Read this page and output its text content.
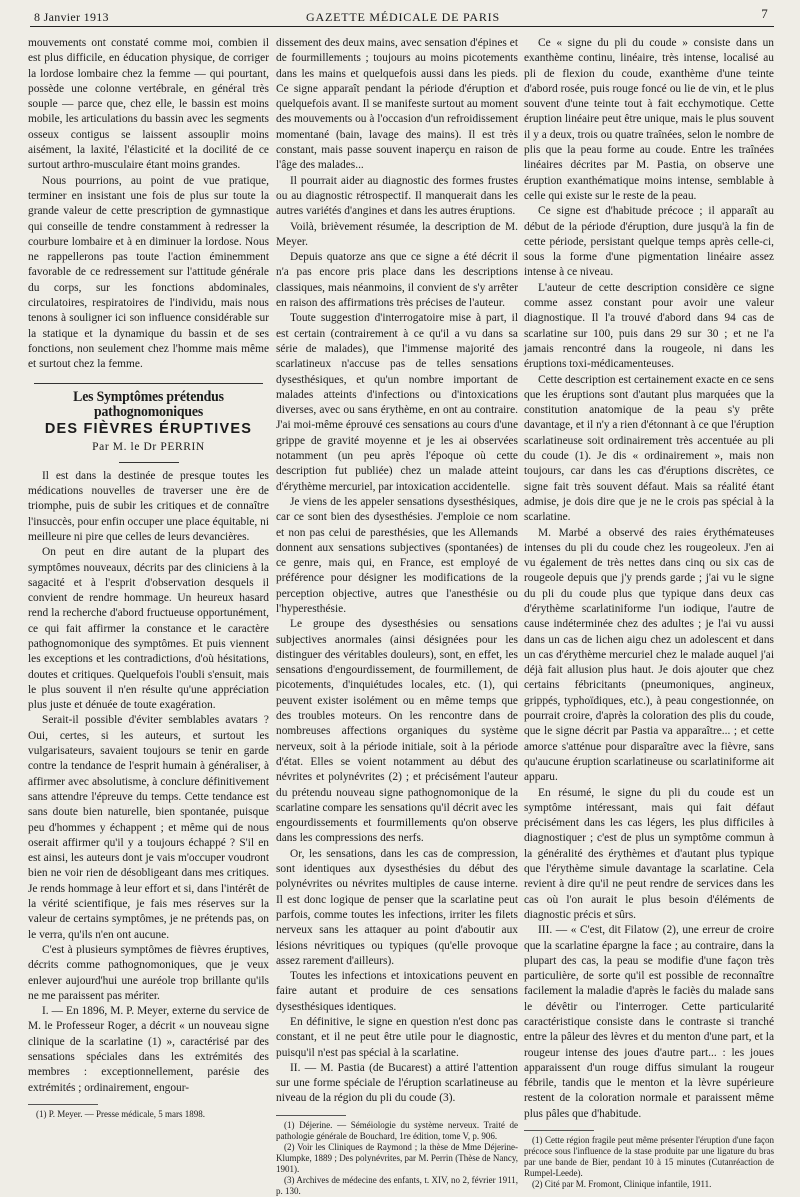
8 Janvier 1913	GAZETTE MÉDICALE DE PARIS	7

mouvements ont constaté comme moi, combien il est plus difficile, en éducation physique, de corriger la lordose lombaire chez la femme — qui pourtant, possède une colonne vertébrale, en général très souple — parce que, chez elle, le bassin est moins mobile, les articulations du bassin avec les segments osseux contigus se laissent assouplir moins aisément, la laxité, l'élasticité et la docilité de ce surtout arthro-musculaire étant moins grandes.

Nous pourrions, au point de vue pratique, terminer en insistant une fois de plus sur toute la grande valeur de cette prescription de gymnastique qui conseille de tendre constamment à redresser la courbure lombaire et à en diminuer la lordose. Nous ne rappellerons pas toute l'action éminemment favorable de ce redressement sur l'attitude générale du corps, sur les fonctions abdominales, circulatoires, respiratoires de l'individu, mais nous tenons à souligner ici son influence considérable sur la statique et la dynamique du bassin et de ses fonctions, non seulement chez l'homme mais même et surtout chez la femme.

Les Symptômes prétendus pathognomoniques
DES FIÈVRES ÉRUPTIVES
Par M. le Dr PERRIN

Il est dans la destinée de presque toutes les médications nouvelles de traverser une ère de triomphe, puis de subir les critiques et de connaître l'insuccès, pour enfin occuper une place équitable, ni meilleure ni pire que celles de leurs devancières.

On peut en dire autant de la plupart des symptômes nouveaux, décrits par des cliniciens à la sagacité et à l'esprit d'observation desquels il convient de rendre hommage. Un heureux hasard rend la recherche d'abord fructueuse opportunément, ce qui fait affirmer la constance et le caractère pathognomonique des symptômes. Et puis viennent les exceptions et les contradictions, d'où hésitations, doutes et critiques. Quelquefois l'oubli s'ensuit, mais le plus souvent il n'en résulte qu'une appréciation plus juste et dénuée de toute exagération.

Serait-il possible d'éviter semblables avatars ? Oui, certes, si les auteurs, et surtout les vulgarisateurs, savaient toujours se tenir en garde contre la tendance de l'esprit humain à généraliser, à affirmer avec absolutisme, à conclure définitivement sans attendre l'épreuve du temps. Cette tendance est sans doute bien naturelle, bien spontanée, puisque peu d'hommes y échappent ; et même qui de nous oserait affirmer qu'il y a toujours échappé ? S'il en est ainsi, les auteurs dont je vais m'occuper voudront bien ne voir rien de désobligeant dans mes critiques. Je rends hommage à leur effort et si, dans l'intérêt de la vérité scientifique, je fais mes réserves sur la valeur de certains symptômes, je ne prétends pas, on le verra, qu'ils n'en ont aucune.

C'est à plusieurs symptômes de fièvres éruptives, décrits comme pathognomoniques, que je veux enlever aujourd'hui une auréole trop brillante qu'ils ne me paraissent pas mériter.

I. — En 1896, M. P. Meyer, externe du service de M. le Professeur Roger, a décrit « un nouveau signe clinique de la scarlatine (1) », caractérisé par des sensations spéciales dans les extrémités des membres : exceptionnellement, parésie des extrémités ; ordinairement, engour-

(1) P. Meyer. — Presse médicale, 5 mars 1898.

dissement des deux mains, avec sensation d'épines et de fourmillements ; toujours au moins picotements dans les mains et quelquefois aussi dans les pieds. Ce signe apparaît pendant la période d'éruption et quelquefois avant. Il se manifeste surtout au moment des mouvements ou à l'occasion d'un refroidissement momentané (bain, lavage des mains). Il est très constant, mais passe souvent inaperçu en raison de l'âge des malades...

Il pourrait aider au diagnostic des formes frustes ou au diagnostic rétrospectif. Il manquerait dans les autres variétés d'angines et dans les autres éruptions.

Voilà, brièvement résumée, la description de M. Meyer.

Depuis quatorze ans que ce signe a été décrit il n'a pas encore pris place dans les descriptions classiques, mais néanmoins, il convient de s'y arrêter en raison des affirmations très précises de l'auteur.

Toute suggestion d'interrogatoire mise à part, il est certain (contrairement à ce qu'il a vu dans sa série de malades), que l'immense majorité des scarlatineux n'accuse pas de telles sensations dysesthésiques, et qu'un nombre important de malades atteints d'infections ou d'intoxications diverses, avec ou sans érythème, en ont au contraire. J'ai moi-même éprouvé ces sensations au cours d'une grippe de gravité moyenne et je les ai observées notamment (un peu après l'époque où cette description fut publiée) chez un malade atteint d'érythème mercuriel, par intoxication accidentelle.

Je viens de les appeler sensations dysesthésiques, car ce sont bien des dysesthésies. J'emploie ce nom et non pas celui de paresthésies, que les Allemands donnent aux sensations subjectives (spontanées) de ce genre, mais qui, en France, est employé de préférence pour désigner les modifications de la perception objective, autres que l'anesthésie ou l'hyperesthésie.

Le groupe des dysesthésies ou sensations subjectives anormales (ainsi désignées pour les distinguer des véritables douleurs), sont, en effet, les sensations d'engourdissement, de fourmillement, de picotements, d'inquiétudes locales, etc. (1), qui peuvent exister isolément ou en même temps que des troubles moteurs. On les rencontre dans de nombreuses affections organiques du système nerveux, soit à la période initiale, soit à la période d'état. Elles se voient notamment au début des névrites et polynévrites (2) ; et précisément l'auteur du prétendu nouveau signe pathognomonique de la scarlatine compare les sensations qu'il décrit avec les engourdissements et fourmillements qu'on observe dans les compressions des nerfs.

Or, les sensations, dans les cas de compression, sont identiques aux dysesthésies du début des polynévrites ou névrites multiples de cause interne. Il est donc logique de penser que la scarlatine peut parfois, comme toutes les infections, irriter les filets nerveux sans les attaquer au point d'aboutir aux lésions névritiques ou typiques (qu'elle provoque assez rarement d'ailleurs).

Toutes les infections et intoxications peuvent en faire autant et produire de ces sensations dysesthésiques identiques.

En définitive, le signe en question n'est donc pas constant, et il ne peut être utile pour le diagnostic, puisqu'il n'est pas spécial à la scarlatine.

II. — M. Pastia (de Bucarest) a attiré l'attention sur une forme spéciale de l'éruption scarlatineuse au niveau de la région du pli du coude (3).

(1) Déjerine. — Séméiologie du système nerveux. Traité de pathologie générale de Bouchard, 1re édition, tome V, p. 906.

(2) Voir les Cliniques de Raymond ; la thèse de Mme Déjerine-Klumpke, 1889 ; Des polynévrites, par M. Perrin (Thèse de Nancy, 1901).

(3) Archives de médecine des enfants, t. XIV, no 2, février 1911, p. 130.

Ce « signe du pli du coude » consiste dans un exanthème continu, linéaire, très intense, localisé au pli de flexion du coude, exanthème d'une teinte d'abord rosée, puis rouge foncé ou lie de vin, et le plus souvent d'une teinte tout à fait ecchymotique. Cette éruption linéaire peut être unique, mais le plus souvent il y a deux, trois ou quatre traînées, selon le nombre de plis que la peau forme au coude. Entre les traînées linéaires décrites par M. Pastia, on observe une éruption exanthématique moins intense, semblable à celle qui existe sur le reste de la peau.

Ce signe est d'habitude précoce ; il apparaît au début de la période d'éruption, dure jusqu'à la fin de cette période, persistant quelque temps après celle-ci, sous la forme d'une pigmentation linéaire assez intense à ce niveau.

L'auteur de cette description considère ce signe comme assez constant pour avoir une valeur diagnostique. Il l'a trouvé d'abord dans 94 cas de scarlatine sur 100, puis dans 29 sur 30 ; et ne l'a jamais rencontré dans la rougeole, ni dans les éruptions toxi-médicamenteuses.

Cette description est certainement exacte en ce sens que les éruptions sont d'autant plus marquées que la constitution anatomique de la peau s'y prête davantage, et il n'y a rien d'étonnant à ce que l'éruption scarlatineuse soit ordinairement très accentuée au pli du coude (1). Je dis « ordinairement », mais non toujours, car dans les cas d'éruptions discrètes, ce signe fait très souvent défaut. Mais sa réalité étant admise, je dois dire que je ne le crois pas spécial à la scarlatine.

M. Marbé a observé des raies érythémateuses intenses du pli du coude chez les rougeoleux. J'en ai vu également de très nettes dans cinq ou six cas de rougeole depuis que j'y prends garde ; j'ai vu le signe du pli du coude plus que typique dans deux cas d'érythème scarlatiniforme l'un iodique, l'autre de cause indéterminée chez des adultes ; je l'ai vu aussi dans un cas de lichen aigu chez un adolescent et dans un cas d'érythème mercuriel chez le malade auquel j'ai déjà fait allusion plus haut. Je dois ajouter que chez certains fébricitants (pneumoniques, angineux, grippés, typhoïdiques, etc.), à peau congestionnée, on pourrait croire, d'après la coloration des plis du coude, que le signe décrit par Pastia va apparaître... ; et cette amorce s'atténue pour disparaître avec la fièvre, sans qu'aucune éruption scarlatineuse ou scarlatiniforme ait apparu.

En résumé, le signe du pli du coude est un symptôme intéressant, mais qui fait défaut précisément dans les cas légers, les plus difficiles à diagnostiquer ; c'est de plus un symptôme commun à la généralité des érythèmes et d'autant plus typique que l'érythème simule davantage la scarlatine. Cela revient à dire qu'il ne peut rendre de services dans les cas où l'on aurait le plus besoin d'éléments de diagnostic précis et sûrs.

III. — « C'est, dit Filatow (2), une erreur de croire que la scarlatine épargne la face ; au contraire, dans la plupart des cas, la peau se modifie d'une façon très particulière, de sorte qu'il est possible de reconnaître facilement la maladie d'après le faciès du malade sans le dévêtir ou l'interroger. Cette particularité caractéristique consiste dans le contraste si tranché entre la pâleur des lèvres et du menton d'une part, et la rougeur intense des joues d'autre part... : les joues apparaissent d'un rouge diffus simulant la rougeur fébrile, tandis que le menton et la lèvre supérieure restent de la coloration normale et paraissent même plus pâles que d'habitude.

(1) Cette région fragile peut même présenter l'éruption d'une façon précoce sous l'influence de la stase produite par une ligature du bras par une bande de Bier, pendant 10 à 15 minutes (Cutanréaction de Rumpel-Leede).

(2) Cité par M. Fromont, Clinique infantile, 1911.
